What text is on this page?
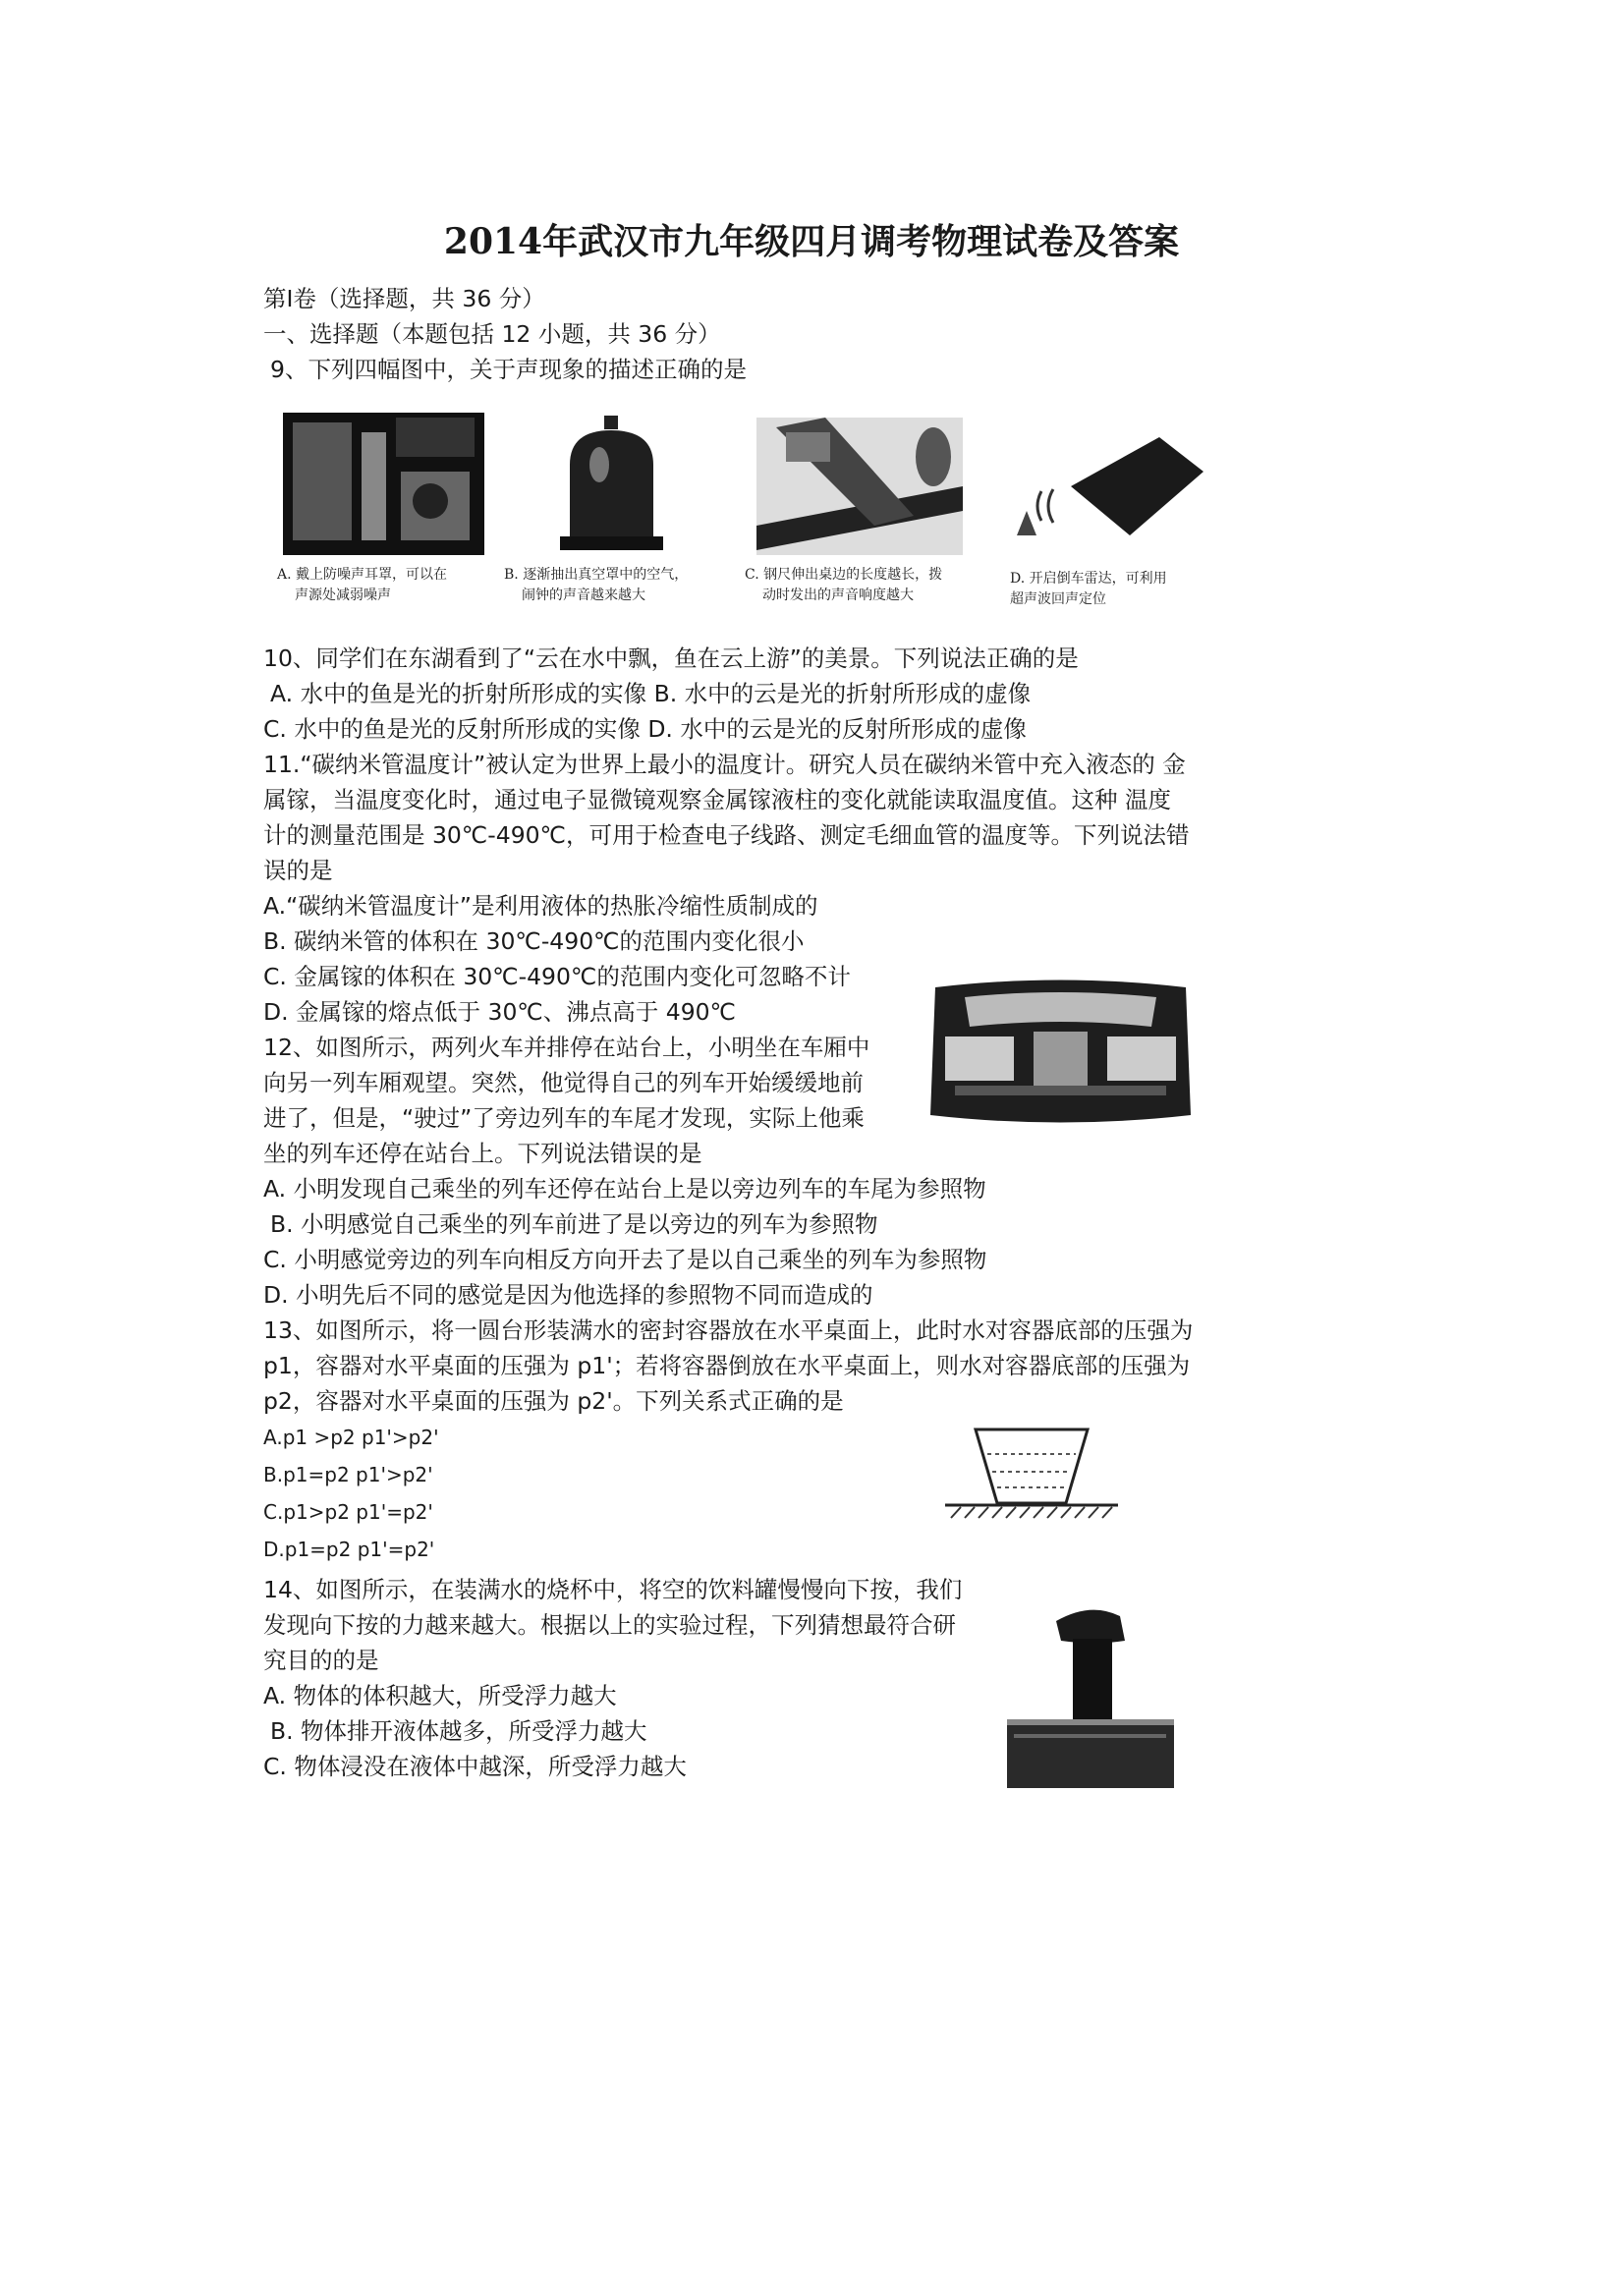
2014年武汉市九年级四月调考物理试卷及答案
第Ⅰ卷（选择题，共 36 分）
一、选择题（本题包括 12 小题，共 36 分）
9、下列四幅图中，关于声现象的描述正确的是
A. 戴上防噪声耳罩，可以在
声源处减弱噪声
B. 逐渐抽出真空罩中的空气，
闹钟的声音越来越大
C. 钢尺伸出桌边的长度越长，拨
动时发出的声音响度越大
D. 开启倒车雷达，可利用
超声波回声定位
10、同学们在东湖看到了“云在水中飘，鱼在云上游”的美景。下列说法正确的是
A. 水中的鱼是光的折射所形成的实像 B. 水中的云是光的折射所形成的虚像
C. 水中的鱼是光的反射所形成的实像 D. 水中的云是光的反射所形成的虚像
11.“碳纳米管温度计”被认定为世界上最小的温度计。研究人员在碳纳米管中充入液态的 金
属镓，当温度变化时，通过电子显微镜观察金属镓液柱的变化就能读取温度值。这种 温度
计的测量范围是 30℃-490℃，可用于检查电子线路、测定毛细血管的温度等。下列说法错
误的是
A.“碳纳米管温度计”是利用液体的热胀冷缩性质制成的
B. 碳纳米管的体积在 30℃-490℃的范围内变化很小
C. 金属镓的体积在 30℃-490℃的范围内变化可忽略不计
D. 金属镓的熔点低于 30℃、沸点高于 490℃
12、如图所示，两列火车并排停在站台上，小明坐在车厢中
向另一列车厢观望。突然，他觉得自己的列车开始缓缓地前
进了，但是，“驶过”了旁边列车的车尾才发现，实际上他乘
坐的列车还停在站台上。下列说法错误的是
A. 小明发现自己乘坐的列车还停在站台上是以旁边列车的车尾为参照物
B. 小明感觉自己乘坐的列车前进了是以旁边的列车为参照物
C. 小明感觉旁边的列车向相反方向开去了是以自己乘坐的列车为参照物
D. 小明先后不同的感觉是因为他选择的参照物不同而造成的
13、如图所示，将一圆台形装满水的密封容器放在水平桌面上，此时水对容器底部的压强为
p1，容器对水平桌面的压强为 p1'；若将容器倒放在水平桌面上，则水对容器底部的压强为
p2，容器对水平桌面的压强为 p2'。下列关系式正确的是
A.p1 >p2 p1'>p2'
B.p1=p2 p1'>p2'
C.p1>p2 p1'=p2'
D.p1=p2 p1'=p2'
14、如图所示，在装满水的烧杯中，将空的饮料罐慢慢向下按，我们
发现向下按的力越来越大。根据以上的实验过程，下列猜想最符合研
究目的的是
A. 物体的体积越大，所受浮力越大
B. 物体排开液体越多，所受浮力越大
C. 物体浸没在液体中越深，所受浮力越大
